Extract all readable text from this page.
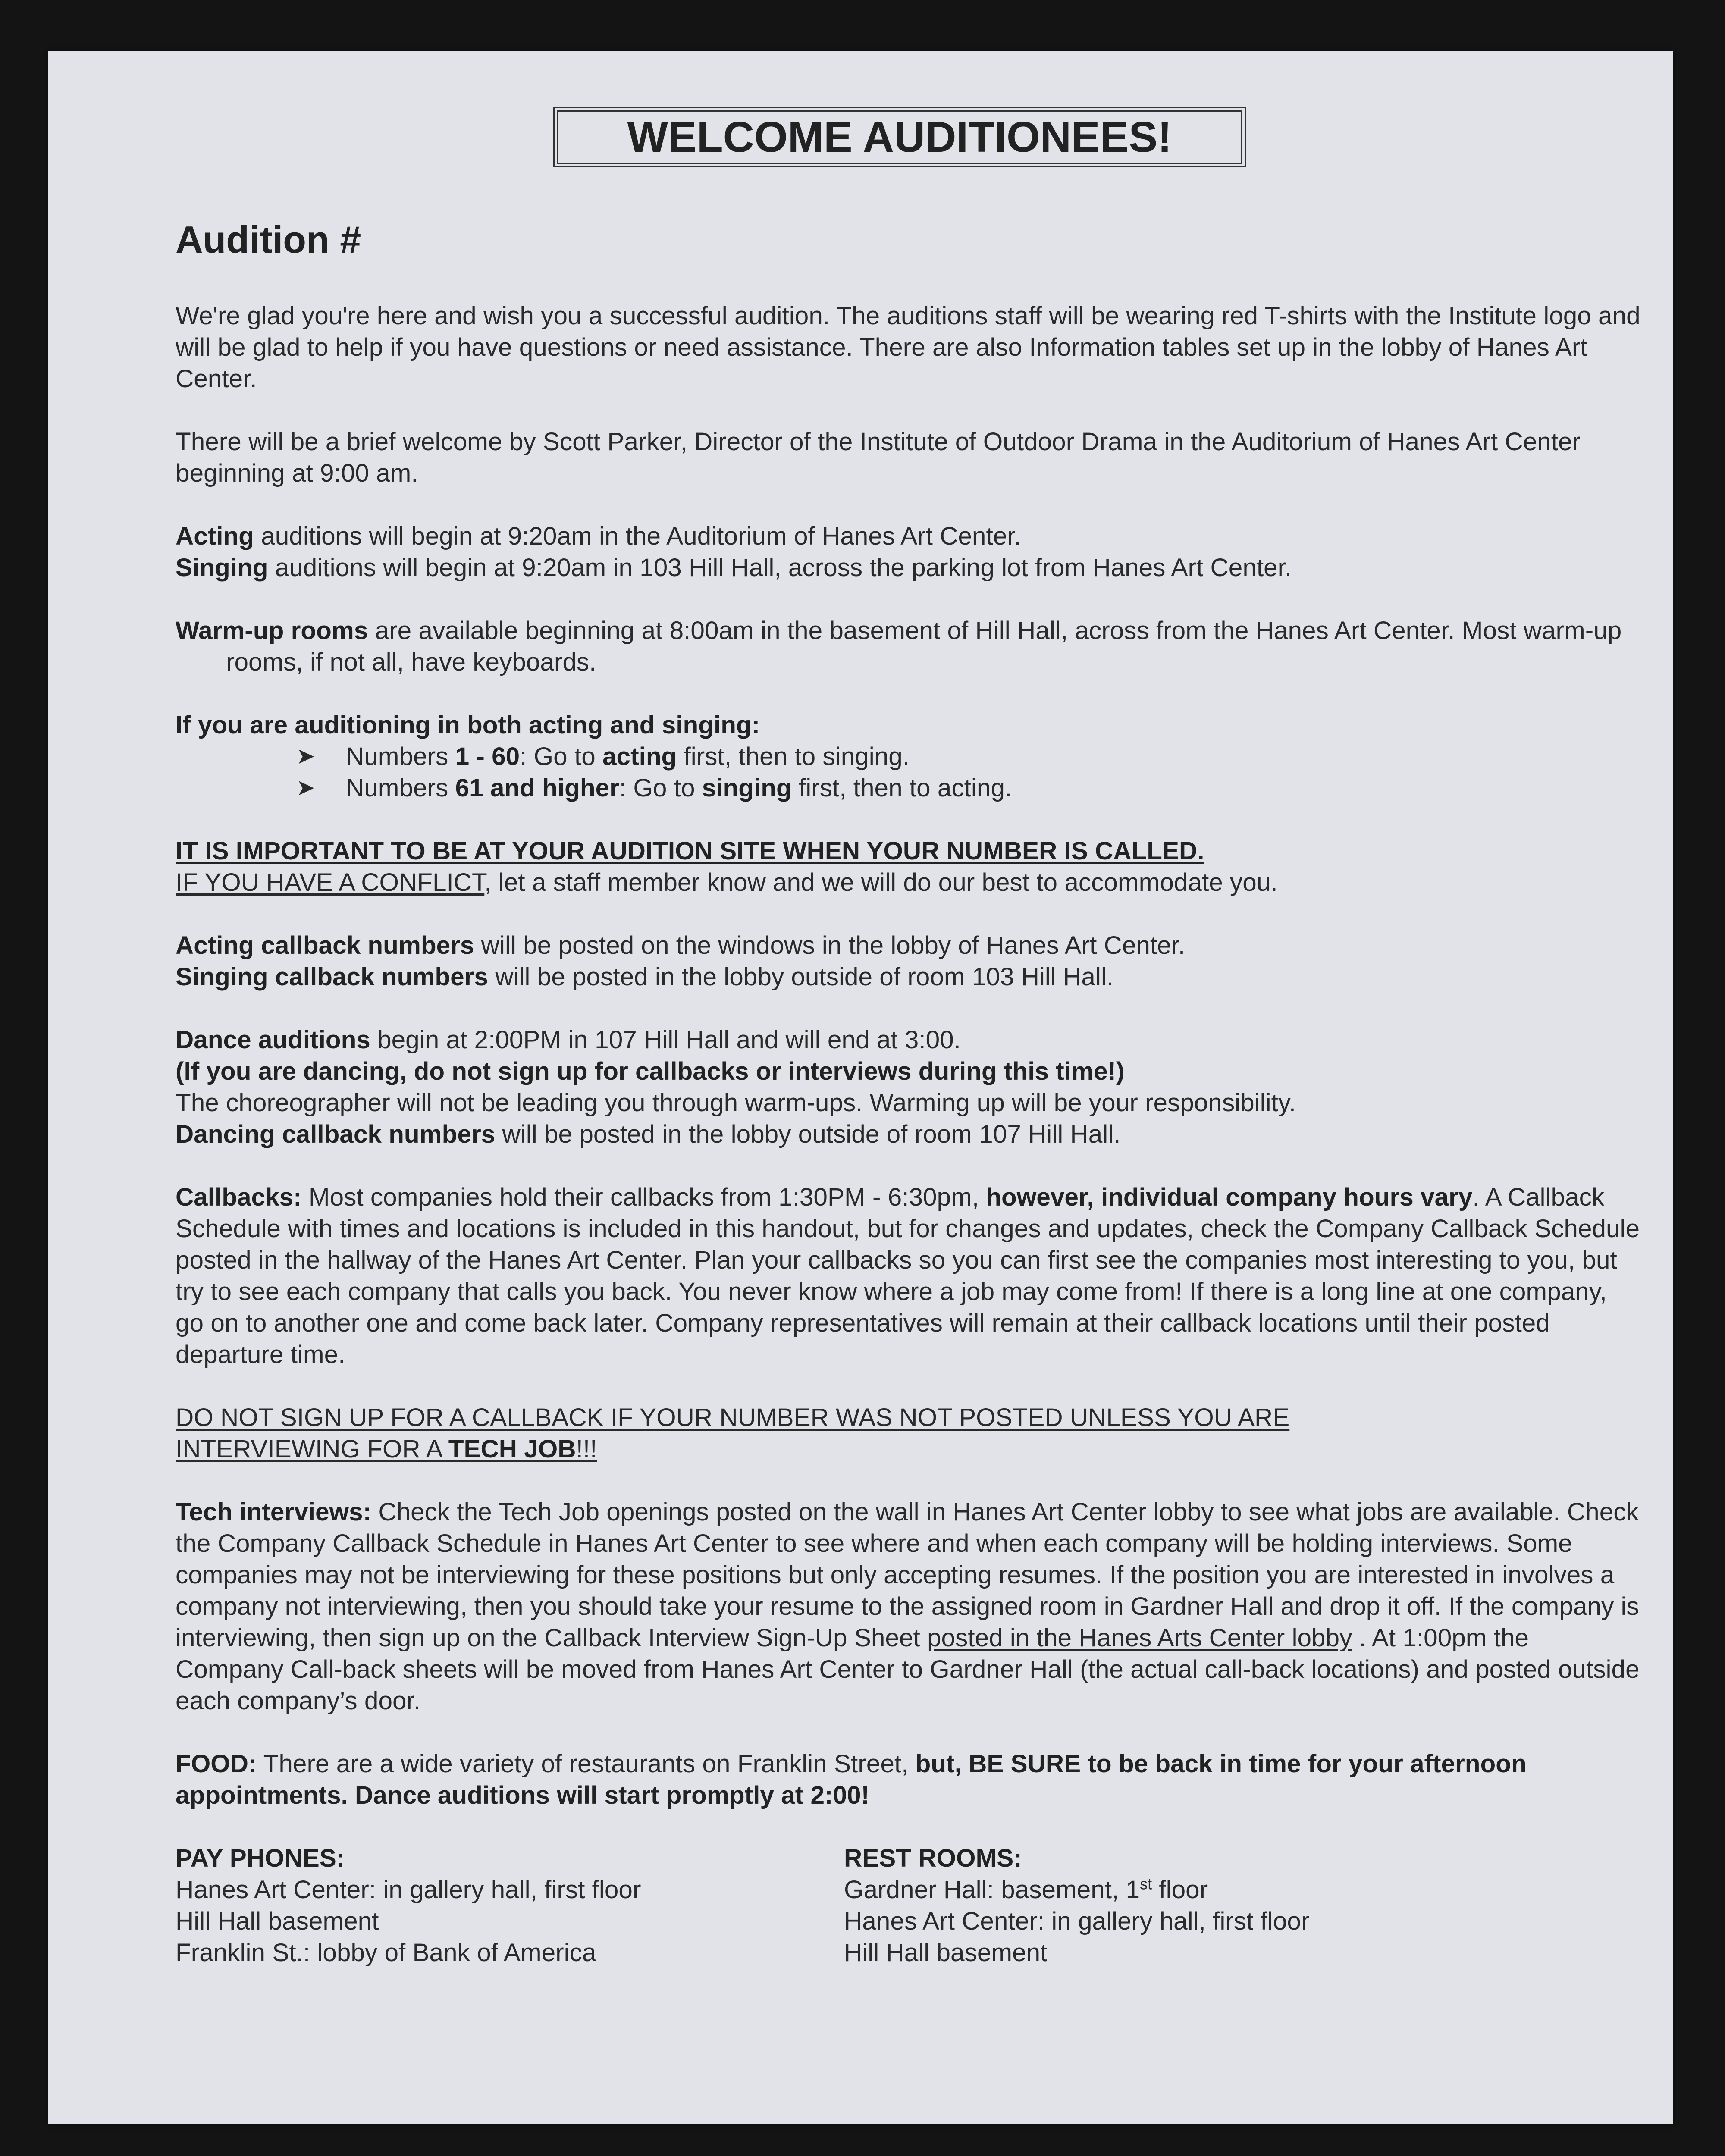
WELCOME AUDITIONEES!
Audition #

We're glad you're here and wish you a successful audition. The auditions staff will be wearing red T-shirts with the Institute logo and will be glad to help if you have questions or need assistance. There are also Information tables set up in the lobby of Hanes Art Center.

There will be a brief welcome by Scott Parker, Director of the Institute of Outdoor Drama in the Auditorium of Hanes Art Center beginning at 9:00 am.

Acting auditions will begin at 9:20am in the Auditorium of Hanes Art Center.

Singing auditions will begin at 9:20am in 103 Hill Hall, across the parking lot from Hanes Art Center.

Warm-up rooms are available beginning at 8:00am in the basement of Hill Hall, across from the Hanes Art Center. Most warm-up rooms, if not all, have keyboards.

If you are auditioning in both acting and singing:

➤ Numbers 1 - 60: Go to acting first, then to singing.
➤ Numbers 61 and higher: Go to singing first, then to acting.

IT IS IMPORTANT TO BE AT YOUR AUDITION SITE WHEN YOUR NUMBER IS CALLED.

IF YOU HAVE A CONFLICT, let a staff member know and we will do our best to accommodate you.

Acting callback numbers will be posted on the windows in the lobby of Hanes Art Center.

Singing callback numbers will be posted in the lobby outside of room 103 Hill Hall.

Dance auditions begin at 2:00PM in 107 Hill Hall and will end at 3:00.

(If you are dancing, do not sign up for callbacks or interviews during this time!)

The choreographer will not be leading you through warm-ups. Warming up will be your responsibility.

Dancing callback numbers will be posted in the lobby outside of room 107 Hill Hall.

Callbacks: Most companies hold their callbacks from 1:30PM - 6:30pm, however, individual company hours vary. A Callback Schedule with times and locations is included in this handout, but for changes and updates, check the Company Callback Schedule posted in the hallway of the Hanes Art Center. Plan your callbacks so you can first see the companies most interesting to you, but try to see each company that calls you back. You never know where a job may come from! If there is a long line at one company, go on to another one and come back later. Company representatives will remain at their callback locations until their posted departure time.

DO NOT SIGN UP FOR A CALLBACK IF YOUR NUMBER WAS NOT POSTED UNLESS YOU ARE INTERVIEWING FOR A TECH JOB!!!

Tech interviews: Check the Tech Job openings posted on the wall in Hanes Art Center lobby to see what jobs are available. Check the Company Callback Schedule in Hanes Art Center to see where and when each company will be holding interviews. Some companies may not be interviewing for these positions but only accepting resumes. If the position you are interested in involves a company not interviewing, then you should take your resume to the assigned room in Gardner Hall and drop it off. If the company is interviewing, then sign up on the Callback Interview Sign-Up Sheet posted in the Hanes Arts Center lobby . At 1:00pm the Company Call-back sheets will be moved from Hanes Art Center to Gardner Hall (the actual call-back locations) and posted outside each company’s door.

FOOD: There are a wide variety of restaurants on Franklin Street, but, BE SURE to be back in time for your afternoon appointments. Dance auditions will start promptly at 2:00!

PAY PHONES:

Hanes Art Center: in gallery hall, first floor

Hill Hall basement

Franklin St.: lobby of Bank of America

REST ROOMS:

Gardner Hall: basement, 1st floor

Hanes Art Center: in gallery hall, first floor

Hill Hall basement
